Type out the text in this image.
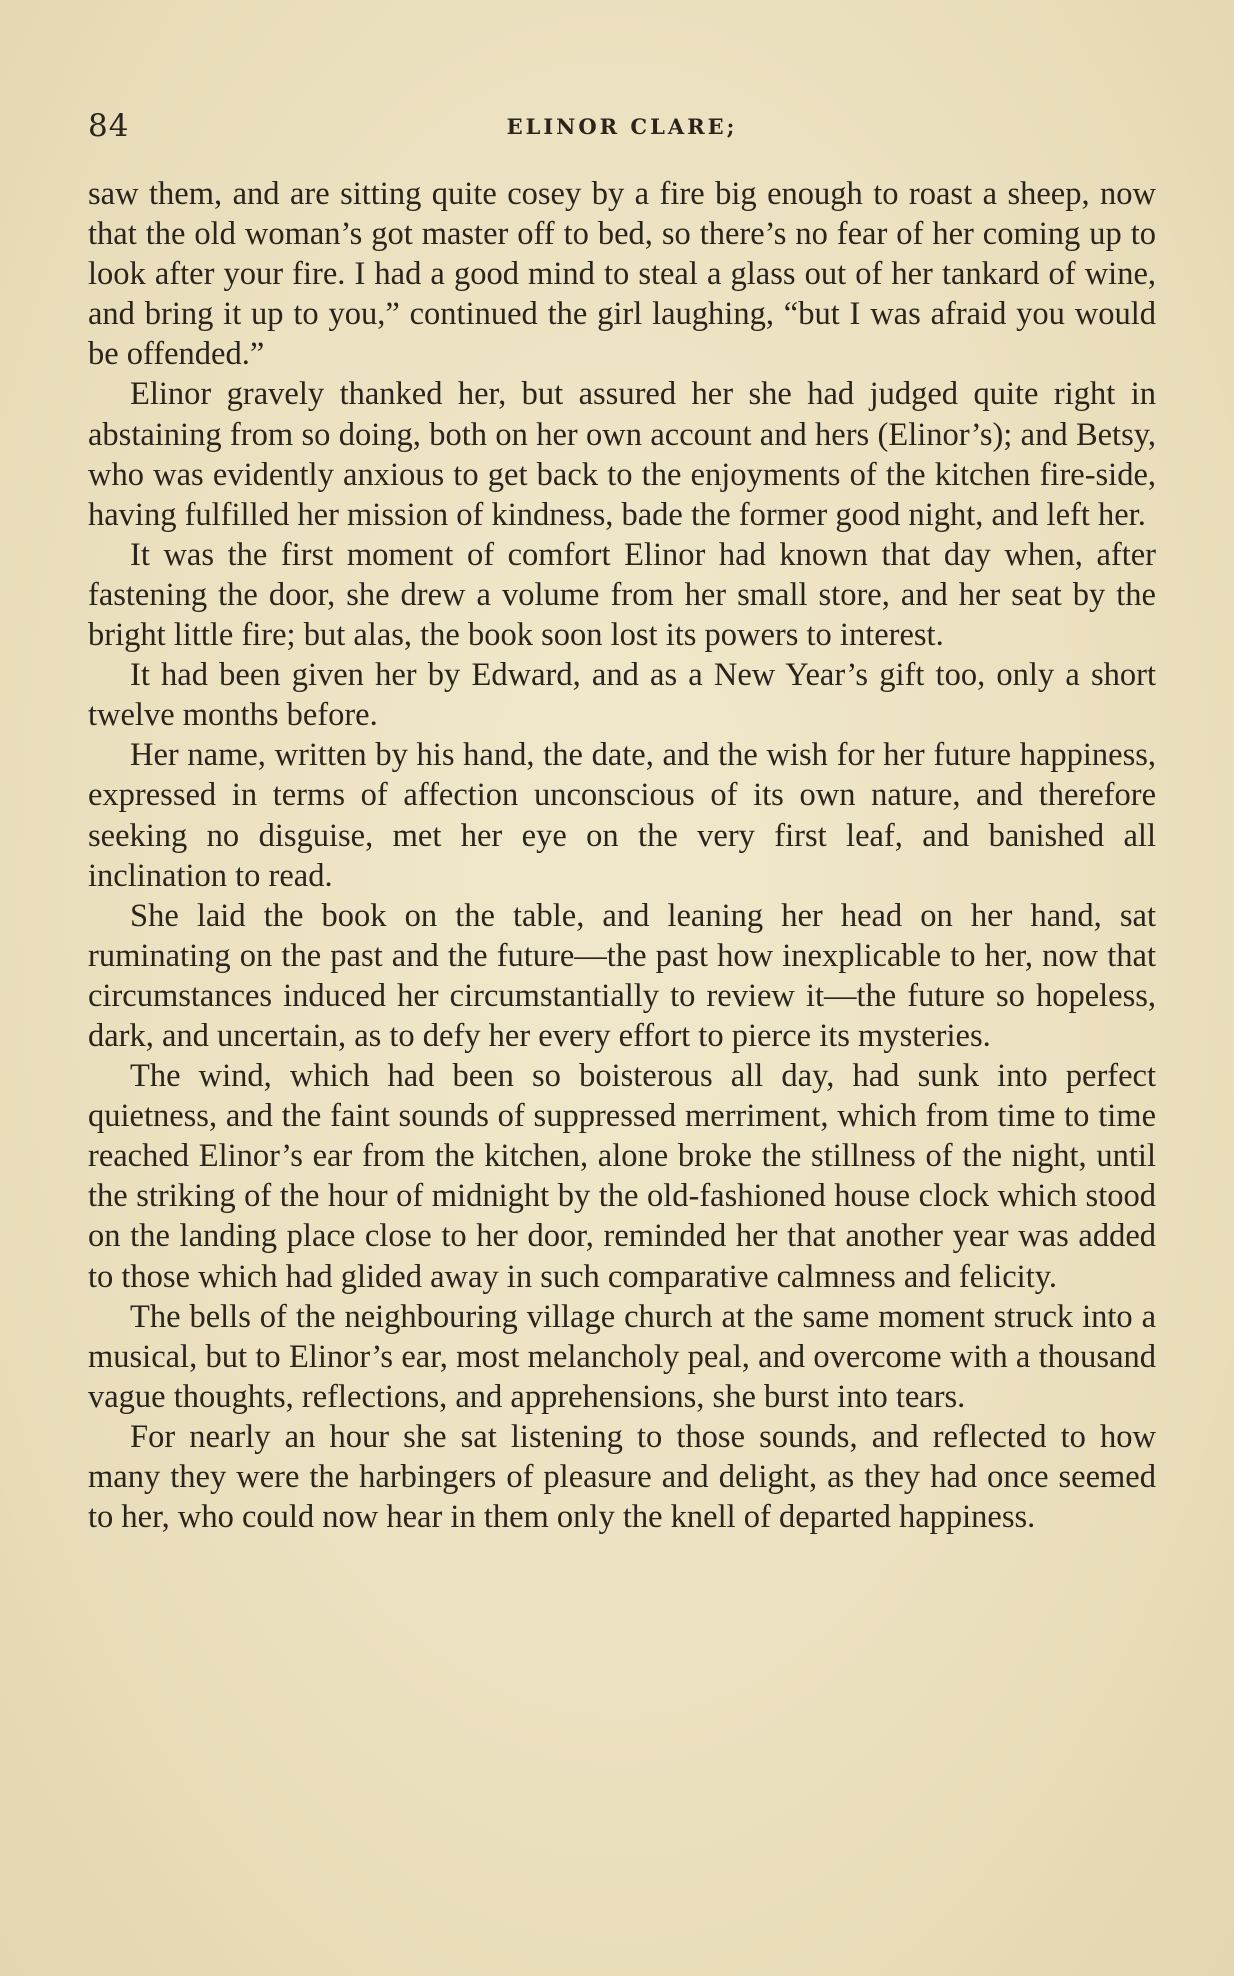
84	ELINOR CLARE;

saw them, and are sitting quite cosey by a fire big enough to roast a sheep, now that the old woman’s got master off to bed, so there’s no fear of her coming up to look after your fire. I had a good mind to steal a glass out of her tankard of wine, and bring it up to you,” continued the girl laughing, “but I was afraid you would be offended.”

Elinor gravely thanked her, but assured her she had judged quite right in abstaining from so doing, both on her own account and hers (Elinor’s); and Betsy, who was evidently anxious to get back to the enjoyments of the kitchen fire-side, having fulfilled her mission of kindness, bade the former good night, and left her.

It was the first moment of comfort Elinor had known that day when, after fastening the door, she drew a volume from her small store, and her seat by the bright little fire; but alas, the book soon lost its powers to interest.

It had been given her by Edward, and as a New Year’s gift too, only a short twelve months before.

Her name, written by his hand, the date, and the wish for her future happiness, expressed in terms of affection unconscious of its own nature, and therefore seeking no disguise, met her eye on the very first leaf, and banished all inclination to read.

She laid the book on the table, and leaning her head on her hand, sat ruminating on the past and the future—the past how inexplicable to her, now that circumstances induced her circumstantially to review it—the future so hopeless, dark, and uncertain, as to defy her every effort to pierce its mysteries.

The wind, which had been so boisterous all day, had sunk into perfect quietness, and the faint sounds of suppressed merriment, which from time to time reached Elinor’s ear from the kitchen, alone broke the stillness of the night, until the striking of the hour of midnight by the old-fashioned house clock which stood on the landing place close to her door, reminded her that another year was added to those which had glided away in such comparative calmness and felicity.

The bells of the neighbouring village church at the same moment struck into a musical, but to Elinor’s ear, most melancholy peal, and overcome with a thousand vague thoughts, reflections, and apprehensions, she burst into tears.

For nearly an hour she sat listening to those sounds, and reflected to how many they were the harbingers of pleasure and delight, as they had once seemed to her, who could now hear in them only the knell of departed happiness.
